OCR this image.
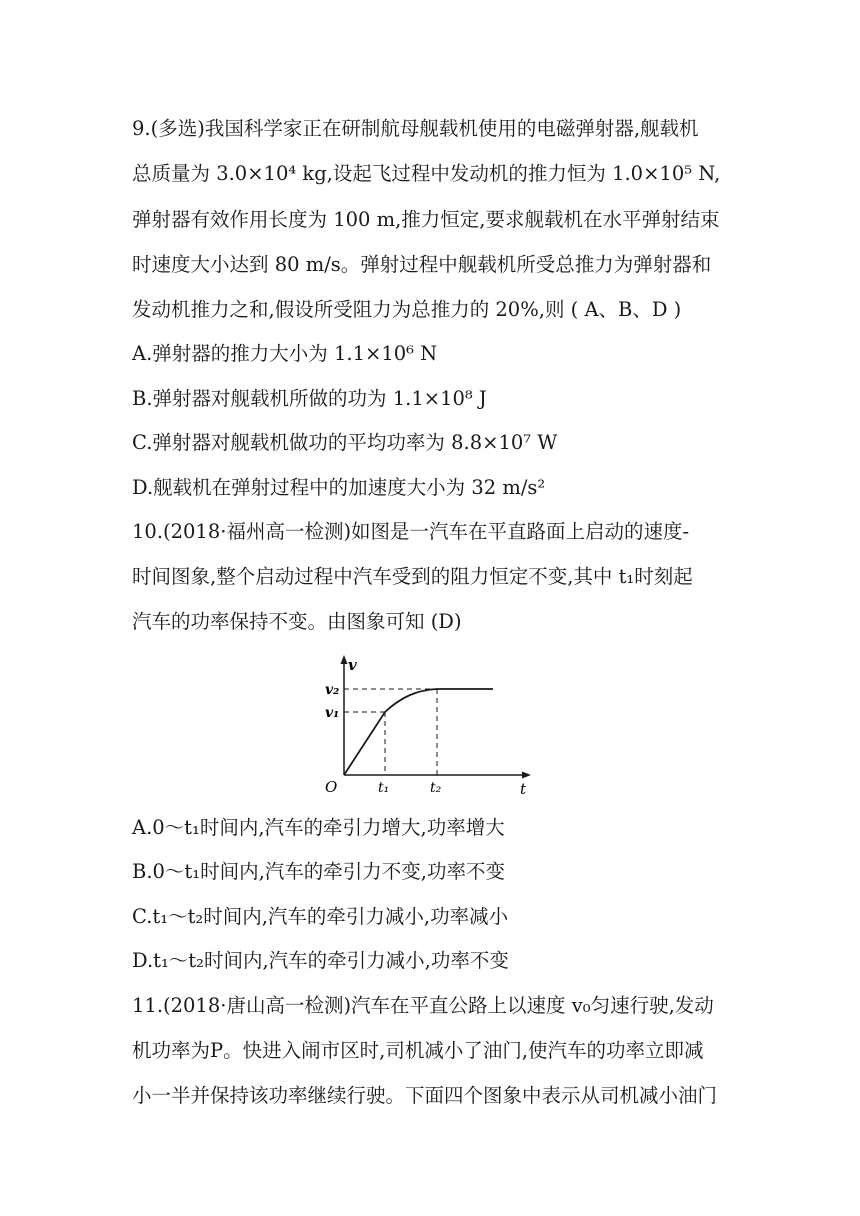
9.(多选)我国科学家正在研制航母舰载机使用的电磁弹射器,舰载机
总质量为 3.0×10⁴ kg,设起飞过程中发动机的推力恒为 1.0×10⁵ N,
弹射器有效作用长度为 100 m,推力恒定,要求舰载机在水平弹射结束
时速度大小达到 80 m/s。弹射过程中舰载机所受总推力为弹射器和
发动机推力之和,假设所受阻力为总推力的 20%,则 ( A、B、D )
A.弹射器的推力大小为 1.1×10⁶ N
B.弹射器对舰载机所做的功为 1.1×10⁸ J
C.弹射器对舰载机做功的平均功率为 8.8×10⁷ W
D.舰载机在弹射过程中的加速度大小为 32 m/s²
10.(2018·福州高一检测)如图是一汽车在平直路面上启动的速度-
时间图象,整个启动过程中汽车受到的阻力恒定不变,其中 t₁时刻起
汽车的功率保持不变。由图象可知 (D)
v
t
O
v₂
v₁
t₁	t₂
A.0～t₁时间内,汽车的牵引力增大,功率增大
B.0～t₁时间内,汽车的牵引力不变,功率不变
C.t₁～t₂时间内,汽车的牵引力减小,功率减小
D.t₁～t₂时间内,汽车的牵引力减小,功率不变
11.(2018·唐山高一检测)汽车在平直公路上以速度 v₀匀速行驶,发动
机功率为P。快进入闹市区时,司机减小了油门,使汽车的功率立即减
小一半并保持该功率继续行驶。下面四个图象中表示从司机减小油门
